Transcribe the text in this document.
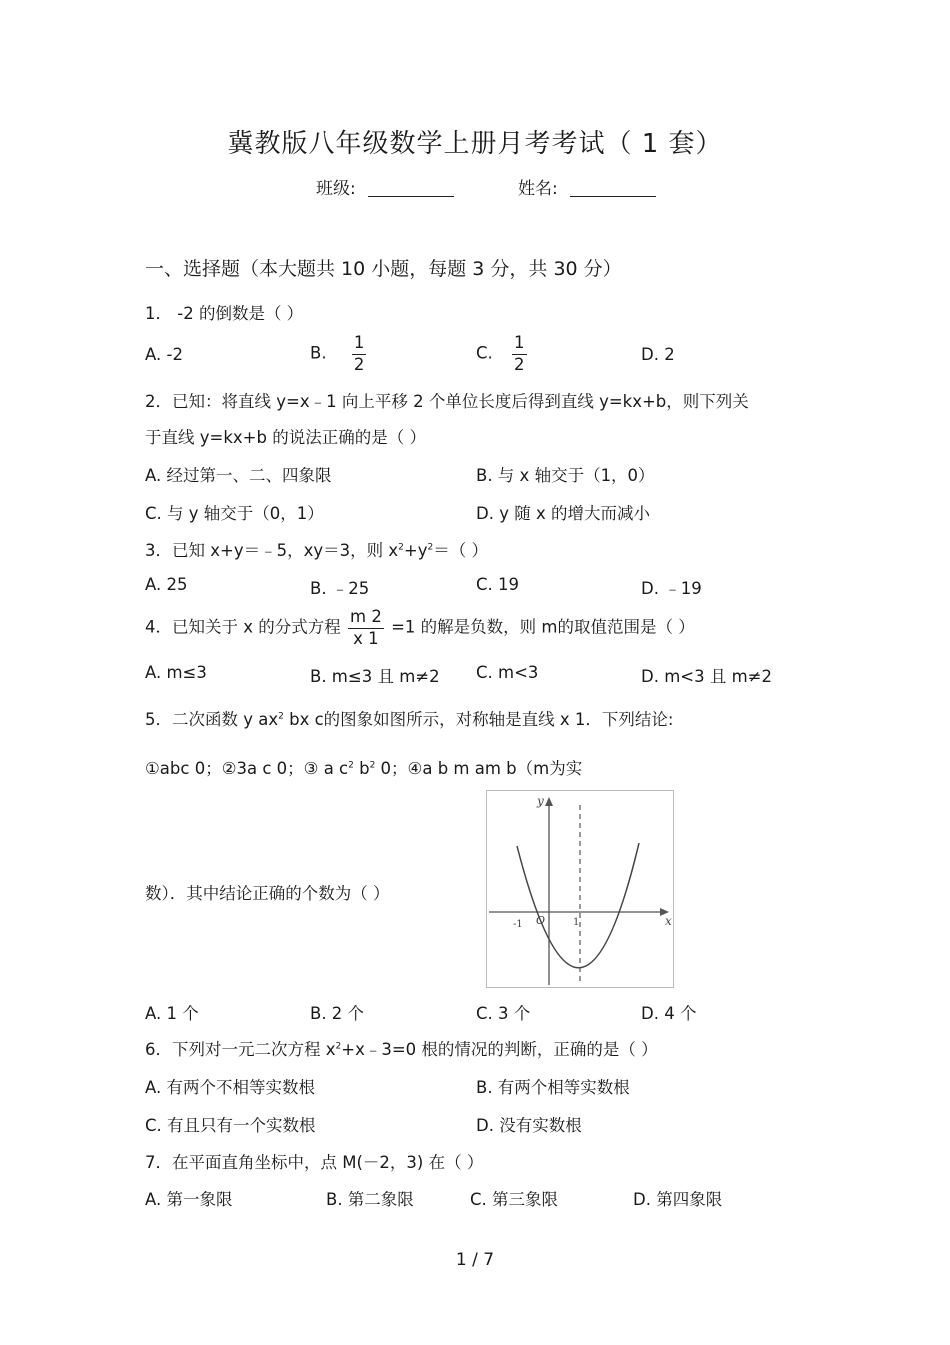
冀教版八年级数学上册月考考试（ 1 套）
班级:	姓名:
一、选择题（本大题共 10 小题，每题 3 分，共 30 分）
1． -2 的倒数是（ ）
A. -2	B. $\frac{1}{2}$	C. $\frac{1}{2}$	D. 2
2．已知：将直线 y=x﹣1 向上平移 2 个单位长度后得到直线 y=kx+b，则下列关
于直线 y=kx+b 的说法正确的是（ ）
A. 经过第一、二、四象限	B. 与 x 轴交于（1，0）
C. 与 y 轴交于（0，1）	D. y 随 x 的增大而减小
3．已知 x+y＝﹣5，xy＝3，则 $x^2+y^2=$（ ）
A. 25	B. ﹣25	C. 19	D. ﹣19
4．已知关于 x 的分式方程 $\frac{m 2}{x 1} =1$ 的解是负数，则 m的取值范围是（ ）
A. m≤3	B. m≤3 且 m≠2 C. m<3	D. m<3 且 m≠2
5．二次函数 y $ax^2$ bx c的图象如图所示，对称轴是直线 x 1．下列结论:
①abc 0；②3a c 0；③ a $c^2$ $b^2$ 0；④a b m am b（m为实
数）．其中结论正确的个数为（ ）
x
y
O
-1	1
A. 1 个	B. 2 个	C. 3 个	D. 4 个
6．下列对一元二次方程 $x^2+x﹣3=0$ 根的情况的判断，正确的是（ ）
A. 有两个不相等实数根	B. 有两个相等实数根
C. 有且只有一个实数根	D. 没有实数根
7．在平面直角坐标中，点 M(－2，3) 在（ ）
A. 第一象限	B. 第二象限	C. 第三象限	D. 第四象限
1 / 7
